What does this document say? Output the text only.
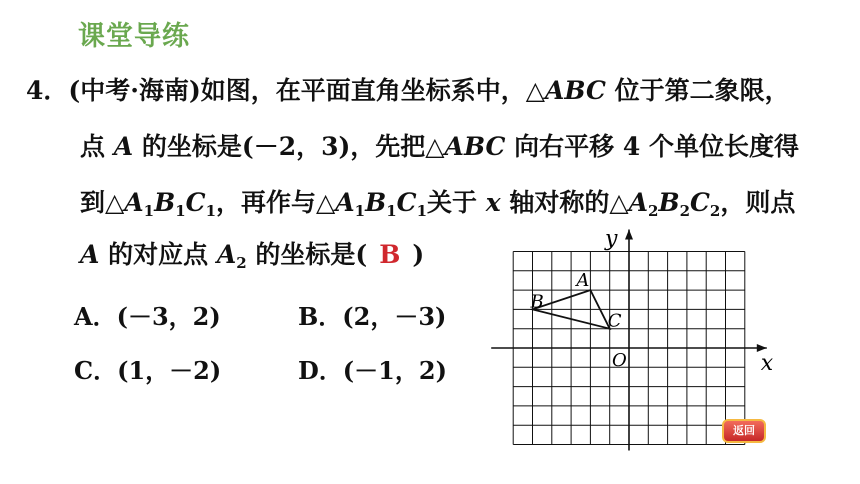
课堂导练
4．(中考·海南)如图，在平面直角坐标系中，△ABC 位于第二象限，
点 A 的坐标是(－2，3)，先把△ABC 向右平移 4 个单位长度得
到$\triangle A_1B_1C_1$，再作与$\triangle A_1B_1C_1$关于 x 轴对称的$\triangle A_2B_2C_2$，则点
A 的对应点 $A_2$ 的坐标是( B )
A．(－3，2)	B．(2，－3)
C．(1，－2)	D．(－1，2)	x
y
O
A
B
C
返回
